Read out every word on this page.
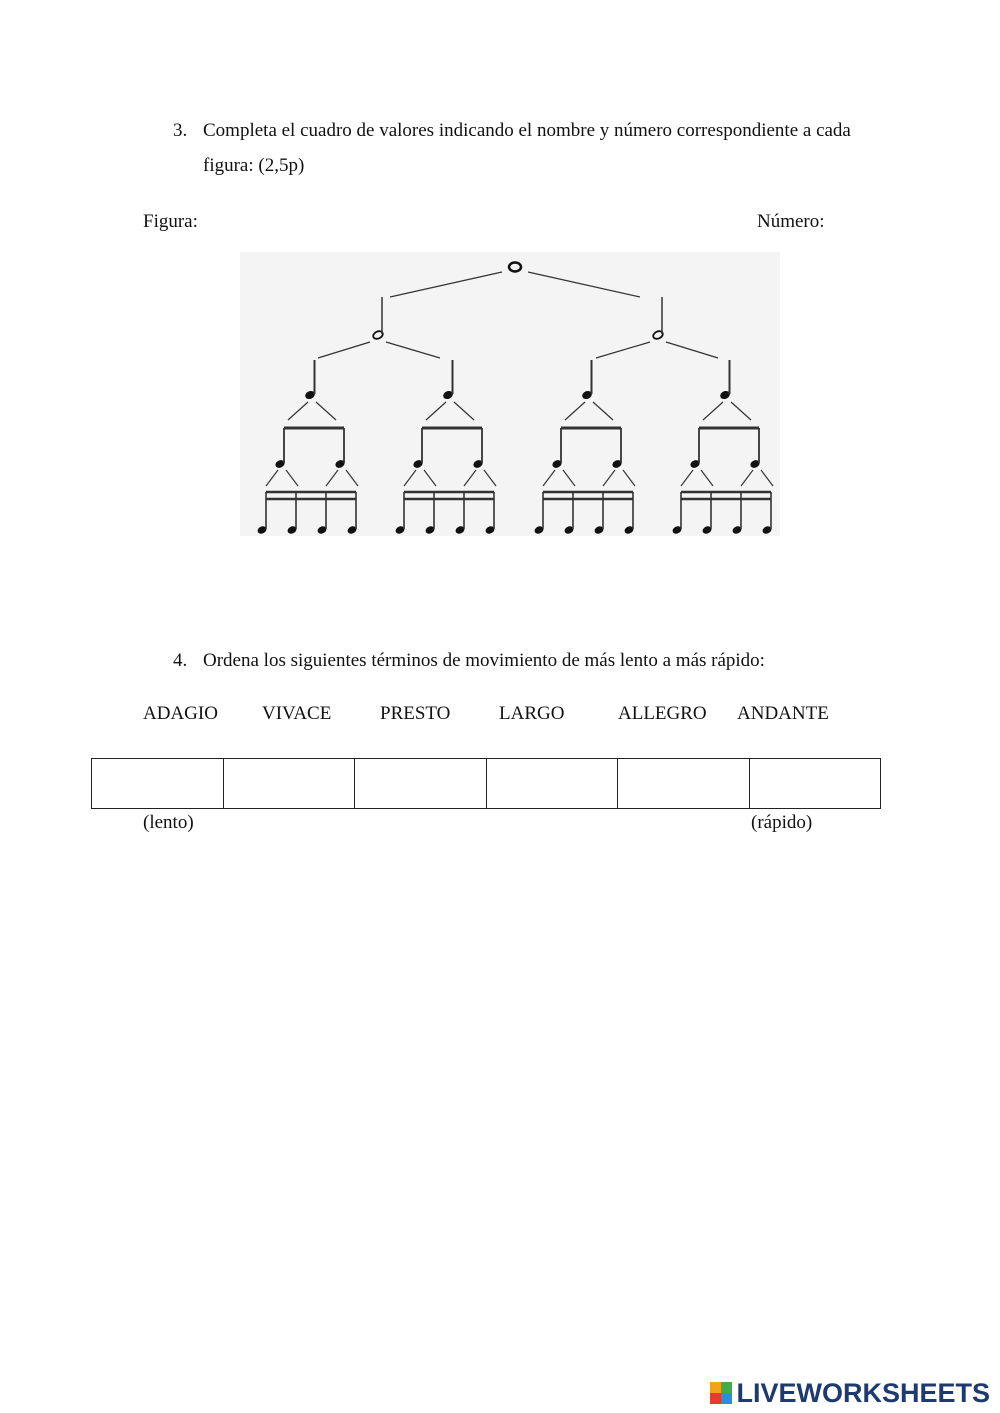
3. Completa el cuadro de valores indicando el nombre y número correspondiente a cada figura: (2,5p)
Figura:	Número:
4. Ordena los siguientes términos de movimiento de más lento a más rápido:
ADAGIO VIVACE	PRESTO	LARGO	ALLEGRO ANDANTE

(lento)	(rápido)
LIVEWORKSHEETS
